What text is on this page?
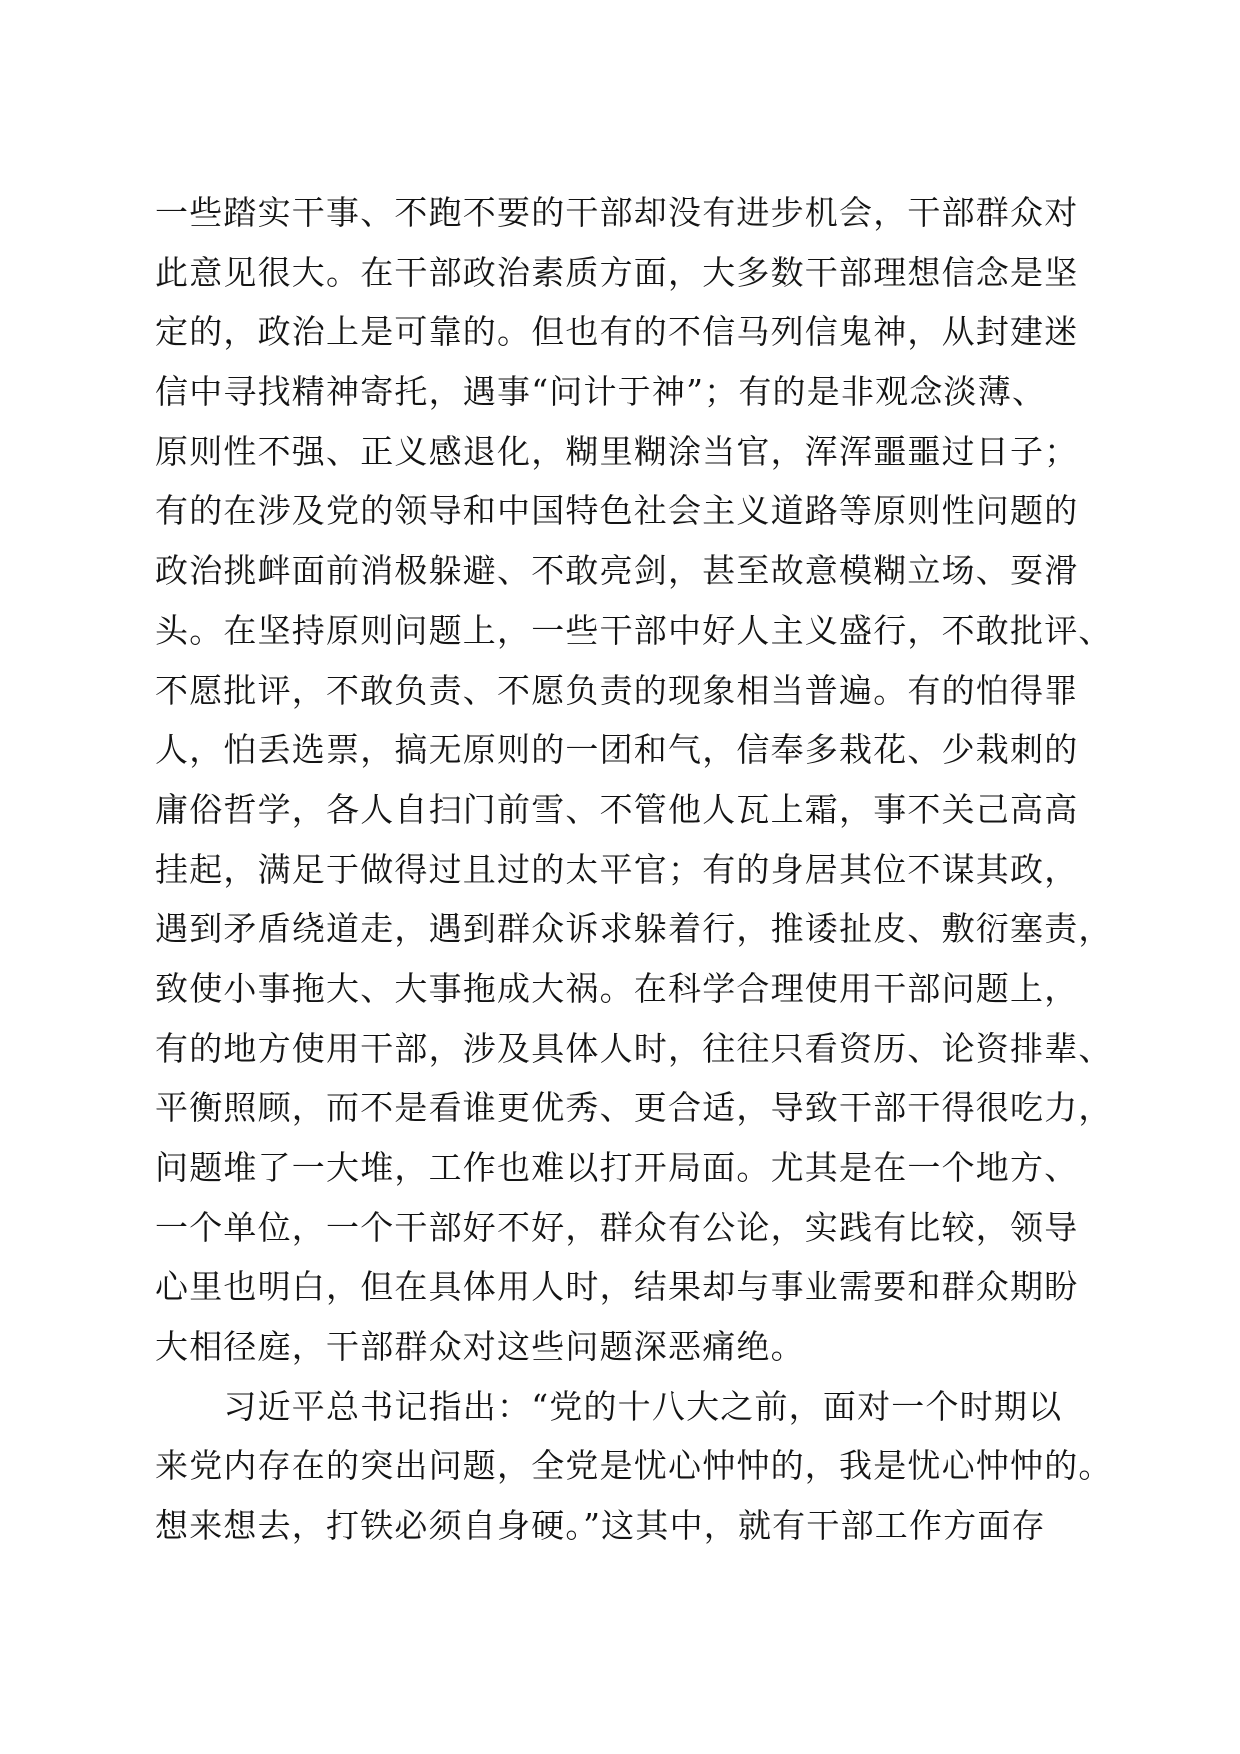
一些踏实干事、不跑不要的干部却没有进步机会，干部群众对
此意见很大。在干部政治素质方面，大多数干部理想信念是坚
定的，政治上是可靠的。但也有的不信马列信鬼神，从封建迷
信中寻找精神寄托，遇事“问计于神”；有的是非观念淡薄、
原则性不强、正义感退化，糊里糊涂当官，浑浑噩噩过日子；
有的在涉及党的领导和中国特色社会主义道路等原则性问题的
政治挑衅面前消极躲避、不敢亮剑，甚至故意模糊立场、耍滑
头。在坚持原则问题上，一些干部中好人主义盛行，不敢批评、
不愿批评，不敢负责、不愿负责的现象相当普遍。有的怕得罪
人，怕丢选票，搞无原则的一团和气，信奉多栽花、少栽刺的
庸俗哲学，各人自扫门前雪、不管他人瓦上霜，事不关己高高
挂起，满足于做得过且过的太平官；有的身居其位不谋其政，
遇到矛盾绕道走，遇到群众诉求躲着行，推诿扯皮、敷衍塞责，
致使小事拖大、大事拖成大祸。在科学合理使用干部问题上，
有的地方使用干部，涉及具体人时，往往只看资历、论资排辈、
平衡照顾，而不是看谁更优秀、更合适，导致干部干得很吃力，
问题堆了一大堆，工作也难以打开局面。尤其是在一个地方、
一个单位，一个干部好不好，群众有公论，实践有比较，领导
心里也明白，但在具体用人时，结果却与事业需要和群众期盼
大相径庭，干部群众对这些问题深恶痛绝。
　　习近平总书记指出：“党的十八大之前，面对一个时期以
来党内存在的突出问题，全党是忧心忡忡的，我是忧心忡忡的。
想来想去，打铁必须自身硬。”这其中，就有干部工作方面存
